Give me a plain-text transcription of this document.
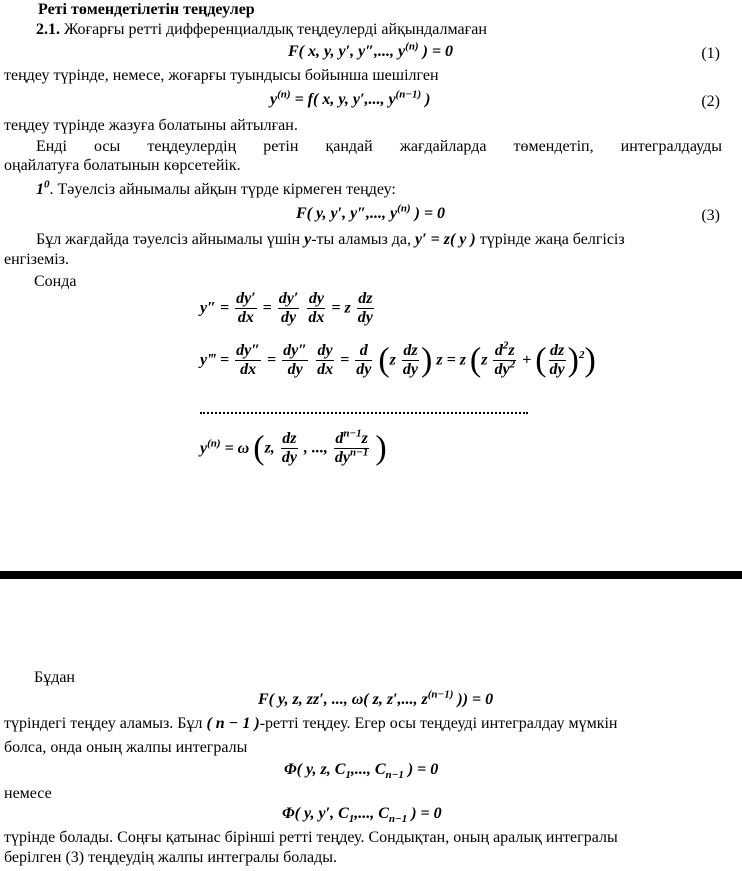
Реті төмендетілетін теңдеулер
2.1. Жоғарғы ретті дифференциалдық теңдеулерді айқындалмаған
F( x, y, y′, y″,..., $y^{(n)}$ ) = 0	(1)
теңдеу түрінде, немесе, жоғарғы туындысы бойынша шешілген
$y^{(n)} = f$( x, y, y′,..., $y^{(n-1)}$ )	(2)
теңдеу түрінде жазуға болатыны айтылған.
Енді осы теңдеулердің ретін қандай жағдайларда төмендетіп, интегралдауды
оңайлатуға болатынын көрсетейік.
$1^0$. Тәуелсіз айнымалы айқын түрде кірмеген теңдеу:
F( y, y′, y″,..., $y^{(n)}$ ) = 0	(3)
Бұл жағдайда тәуелсіз айнымалы үшін y-ты аламыз да, y′ = z( y ) түрінде жаңа белгісіз
енгіземіз.
Сонда
$y'' = \frac{dy'}{dx} = \frac{dy'}{dy}$
$\frac{dy}{dx} = z \frac{dz}{dy}$
y‴ = $\frac{dy''}{dx} = \frac{dy''}{dy}$
$\frac{dy}{dx} = \frac{d}{dy} (z \frac{dz}{dy}$ ) z = z ($z \frac{d^2z}{dy^2}$ + ( $\frac{dz}{dy} )^2$)
$y^{(n)} = \omega$ (z, $\frac{dz}{dy}$ , ..., $\frac{d^{n-1}z}{dy^{n-1}}$ )
Бұдан
F( y, z, zz′, ..., ω( z, z′,..., $z^{(n-1)}$ )) = 0
түріндегі теңдеу аламыз. Бұл ( n − 1 )-ретті теңдеу. Егер осы теңдеуді интегралдау мүмкін
болса, онда оның жалпы интегралы
Φ( y, z, $C_1$,..., $C_{n-1}$ ) = 0
немесе
Φ( y, y′, $C_1$,..., $C_{n-1}$ ) = 0
түрінде болады. Соңғы қатынас бірінші ретті теңдеу. Сондықтан, оның аралық интегралы
берілген (3) теңдеудің жалпы интегралы болады.
